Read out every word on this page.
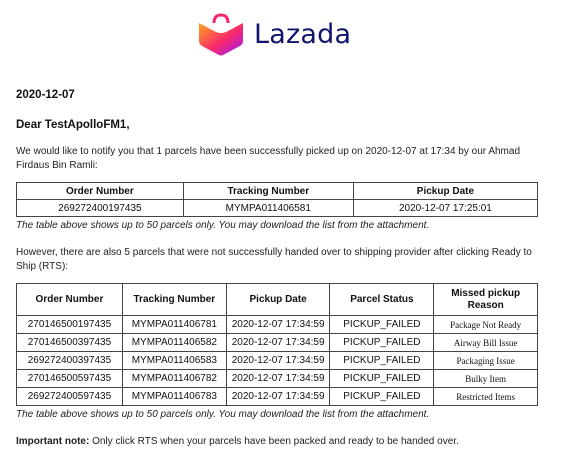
Lazada
2020-12-07
Dear TestApolloFM1,
We would like to notify you that 1 parcels have been successfully picked up on 2020-12-07 at 17:34 by our Ahmad Firdaus Bin Ramli:
Order Number	Tracking Number	Pickup Date
269272400197435	MYMPA011406581	2020-12-07 17:25:01
The table above shows up to 50 parcels only. You may download the list from the attachment.
However, there are also 5 parcels that were not successfully handed over to shipping provider after clicking Ready to Ship (RTS):
Order Number	Tracking Number	Pickup Date	Parcel Status	Missed pickup Reason
270146500197435	MYMPA011406781	2020-12-07 17:34:59	PICKUP_FAILED	Package Not Ready
270146500397435	MYMPA011406582	2020-12-07 17:34:59	PICKUP_FAILED	Airway Bill Issue
269272400397435	MYMPA011406583	2020-12-07 17:34:59	PICKUP_FAILED	Packaging Issue
270146500597435	MYMPA011406782	2020-12-07 17:34:59	PICKUP_FAILED	Bulky Item
269272400597435	MYMPA011406783	2020-12-07 17:34:59	PICKUP_FAILED	Restricted Items
The table above shows up to 50 parcels only. You may download the list from the attachment.
Important note: Only click RTS when your parcels have been packed and ready to be handed over.
